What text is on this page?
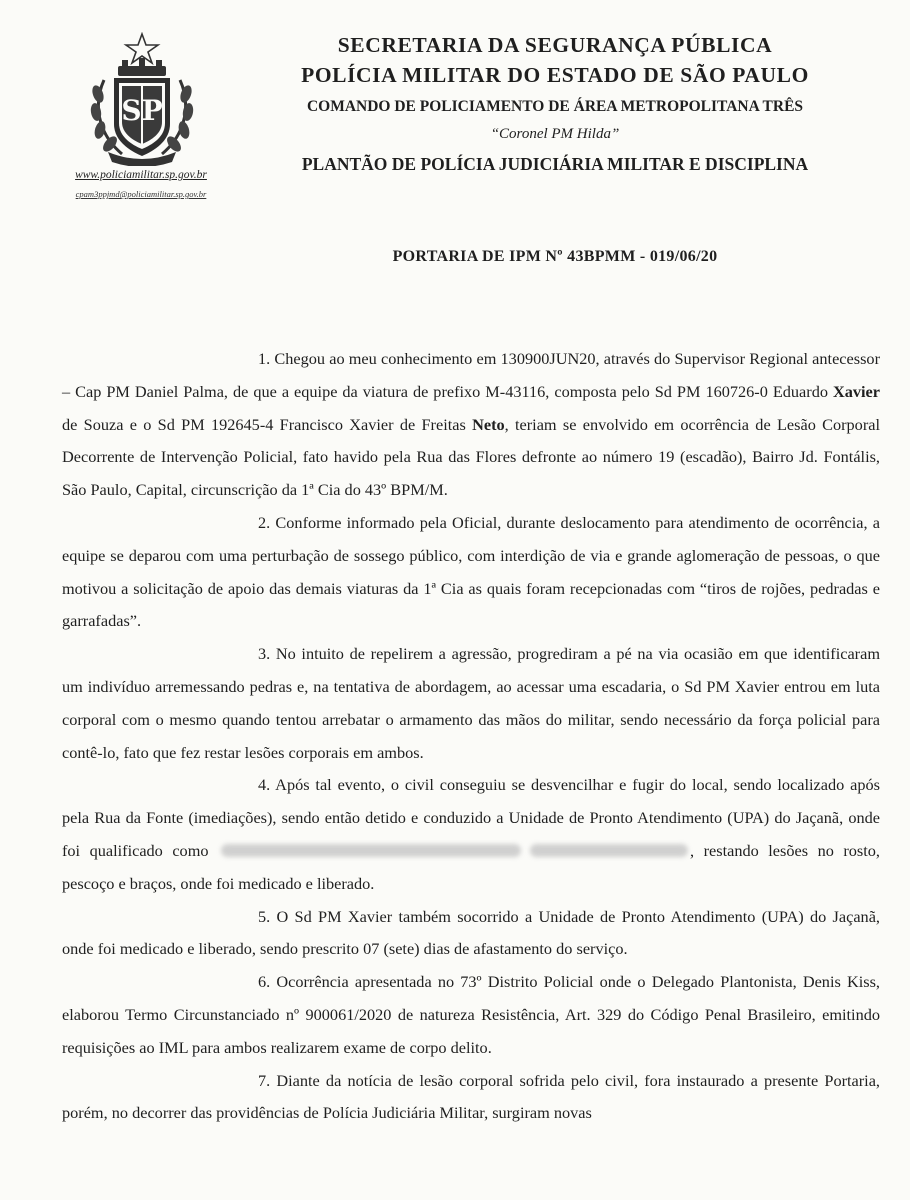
SP
www.policiamilitar.sp.gov.br
cpam3ppjmd@policiamilitar.sp.gov.br
SECRETARIA DA SEGURANÇA PÚBLICA
POLÍCIA MILITAR DO ESTADO DE SÃO PAULO
COMANDO DE POLICIAMENTO DE ÁREA METROPOLITANA TRÊS
“Coronel PM Hilda”
PLANTÃO DE POLÍCIA JUDICIÁRIA MILITAR E DISCIPLINA
PORTARIA DE IPM Nº 43BPMM - 019/06/20

1. Chegou ao meu conhecimento em 130900JUN20, através do Supervisor Regional antecessor – Cap PM Daniel Palma, de que a equipe da viatura de prefixo M-43116, composta pelo Sd PM 160726-0 Eduardo Xavier de Souza e o Sd PM 192645-4 Francisco Xavier de Freitas Neto, teriam se envolvido em ocorrência de Lesão Corporal Decorrente de Intervenção Policial, fato havido pela Rua das Flores defronte ao número 19 (escadão), Bairro Jd. Fontális, São Paulo, Capital, circunscrição da 1ª Cia do 43º BPM/M.

2. Conforme informado pela Oficial, durante deslocamento para atendimento de ocorrência, a equipe se deparou com uma perturbação de sossego público, com interdição de via e grande aglomeração de pessoas, o que motivou a solicitação de apoio das demais viaturas da 1ª Cia as quais foram recepcionadas com “tiros de rojões, pedradas e garrafadas”.

3. No intuito de repelirem a agressão, progrediram a pé na via ocasião em que identificaram um indivíduo arremessando pedras e, na tentativa de abordagem, ao acessar uma escadaria, o Sd PM Xavier entrou em luta corporal com o mesmo quando tentou arrebatar o armamento das mãos do militar, sendo necessário da força policial para contê-lo, fato que fez restar lesões corporais em ambos.

4. Após tal evento, o civil conseguiu se desvencilhar e fugir do local, sendo localizado após pela Rua da Fonte (imediações), sendo então detido e conduzido a Unidade de Pronto Atendimento (UPA) do Jaçanã, onde foi qualificado como	, restando lesões no rosto, pescoço e braços, onde foi medicado e liberado.

5. O Sd PM Xavier também socorrido a Unidade de Pronto Atendimento (UPA) do Jaçanã, onde foi medicado e liberado, sendo prescrito 07 (sete) dias de afastamento do serviço.

6. Ocorrência apresentada no 73º Distrito Policial onde o Delegado Plantonista, Denis Kiss, elaborou Termo Circunstanciado nº 900061/2020 de natureza Resistência, Art. 329 do Código Penal Brasileiro, emitindo requisições ao IML para ambos realizarem exame de corpo delito.

7. Diante da notícia de lesão corporal sofrida pelo civil, fora instaurado a presente Portaria, porém, no decorrer das providências de Polícia Judiciária Militar, surgiram novas
